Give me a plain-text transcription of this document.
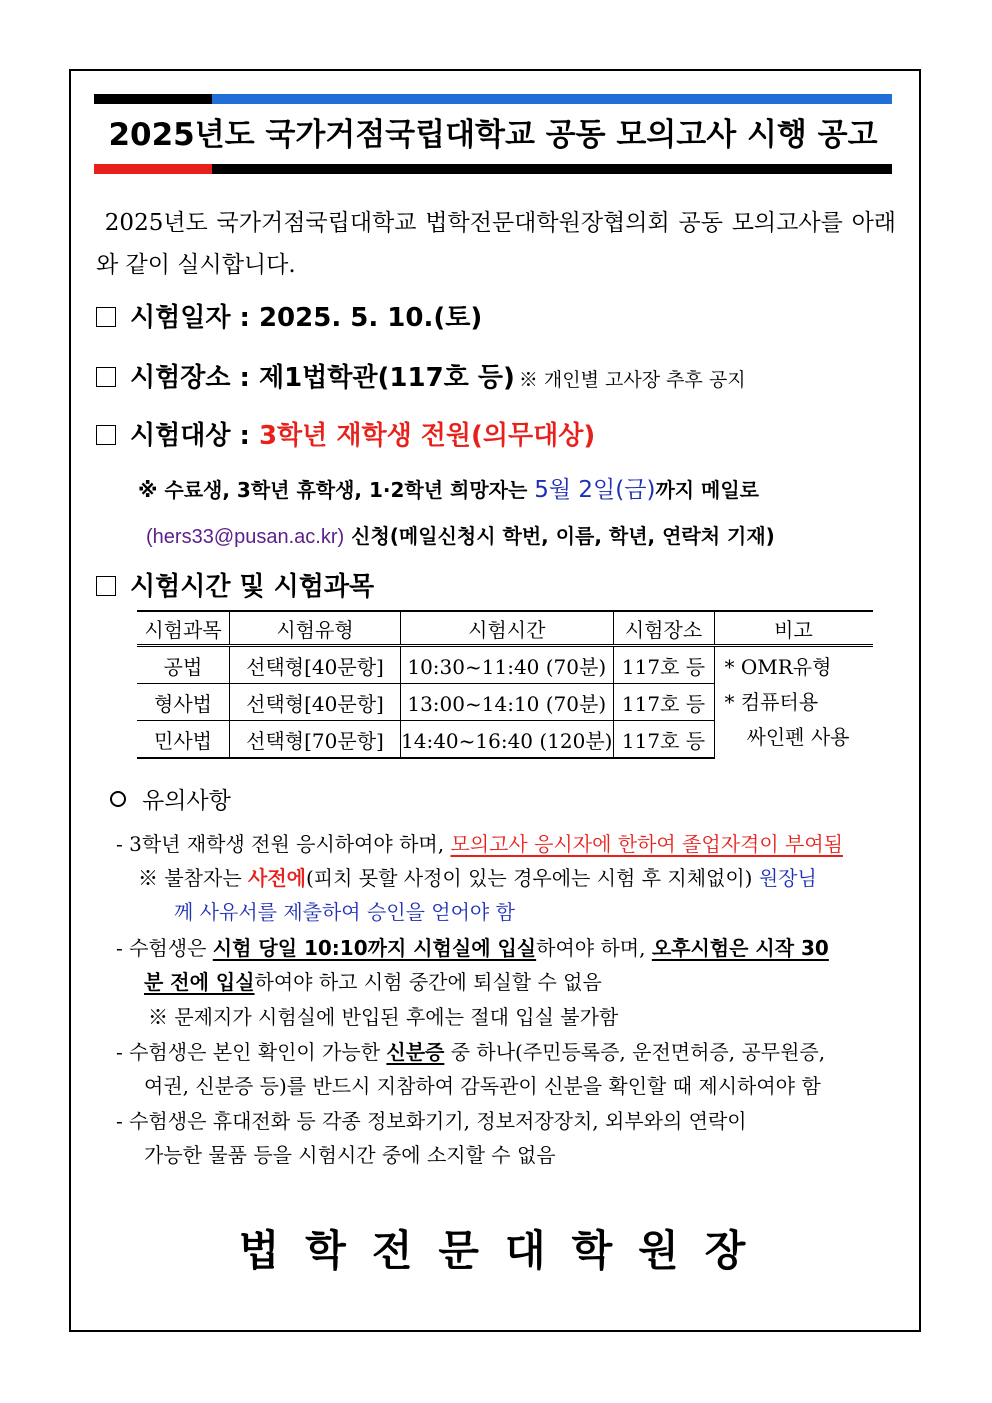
2025년도 국가거점국립대학교 공동 모의고사 시행 공고
2025년도 국가거점국립대학교 법학전문대학원장협의회 공동 모의고사를 아래와 같이 실시합니다.
시험일자 : 2025. 5. 10.(토)
시험장소 : 제1법학관(117호 등) ※ 개인별 고사장 추후 공지
시험대상 : 3학년 재학생 전원(의무대상)
※ 수료생, 3학년 휴학생, 1·2학년 희망자는 5월 2일(금)까지 메일로
(hers33@pusan.ac.kr) 신청(메일신청시 학번, 이름, 학년, 연락처 기재)
시험시간 및 시험과목
시험과목	시험유형	시험시간	시험장소	비고
공법	선택형[40문항]	10:30~11:40 (70분)	117호 등	* OMR유형
* 컴퓨터용
싸인펜 사용

형사법	선택형[40문항]	13:00~14:10 (70분)	117호 등	
민사법	선택형[70문항]	14:40~16:40 (120분)	117호 등	
유의사항
- 3학년 재학생 전원 응시하여야 하며, 모의고사 응시자에 한하여 졸업자격이 부여됨
※ 불참자는 사전에(피치 못할 사정이 있는 경우에는 시험 후 지체없이) 원장님
께 사유서를 제출하여 승인을 얻어야 함
- 수험생은 시험 당일 10:10까지 시험실에 입실하여야 하며, 오후시험은 시작 30
분 전에 입실하여야 하고 시험 중간에 퇴실할 수 없음
※ 문제지가 시험실에 반입된 후에는 절대 입실 불가함
- 수험생은 본인 확인이 가능한 신분증 중 하나(주민등록증, 운전면허증, 공무원증,
여권, 신분증 등)를 반드시 지참하여 감독관이 신분을 확인할 때 제시하여야 함
- 수험생은 휴대전화 등 각종 정보화기기, 정보저장장치, 외부와의 연락이
가능한 물품 등을 시험시간 중에 소지할 수 없음
법 학 전 문 대 학 원 장
